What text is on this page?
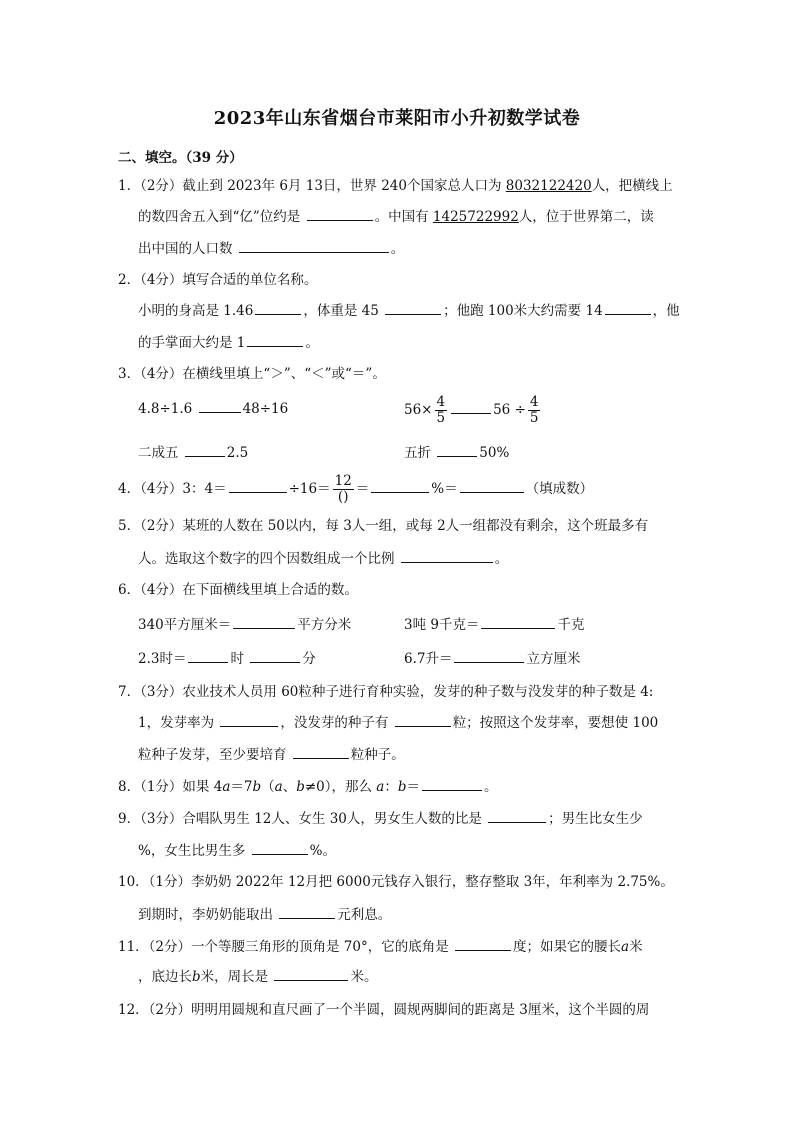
2023年山东省烟台市莱阳市小升初数学试卷
二、填空。（39 分）
1．（2分）截止到 2023年 6月 13日，世界 240个国家总人口为 8032122420人，把横线上
的数四舍五入到“亿”位约是	。中国有 1425722992人，位于世界第二，读
出中国的人口数	。
2．（4分）填写合适的单位名称。
小明的身高是 1.46	，体重是 45	；他跑 100米大约需要 14	，他
的手掌面大约是 1	。
3．（4分）在横线里填上“＞”、“＜”或“＝”。
4.8÷1.6	48÷16	$56\times \frac{4}{5}$	$56 \div \frac{4}{5}$
二成五	2.5	五折	50%
4．（4分）3：4＝	$\div 16= \frac{12}{()}$ ＝	%＝	（填成数）
5．（2分）某班的人数在 50以内，每 3人一组，或每 2人一组都没有剩余，这个班最多有
人。选取这个数字的四个因数组成一个比例	。
6．（4分）在下面横线里填上合适的数。
340平方厘米＝	平方分米	3吨 9千克＝	千克
2.3时＝	时	分	6.7升＝	立方厘米
7．（3分）农业技术人员用 60粒种子进行育种实验，发芽的种子数与没发芽的种子数是 4:
1，发芽率为	，没发芽的种子有	粒；按照这个发芽率，要想使 100
粒种子发芽，至少要培育	粒种子。
8．（1分）如果 4a＝7b（a、b≠0），那么 a：b＝	。
9．（3分）合唱队男生 12人、女生 30人，男女生人数的比是	；男生比女生少
%，女生比男生多	%。
10．（1分）李奶奶 2022年 12月把 6000元钱存入银行，整存整取 3年，年利率为 2.75%。
到期时，李奶奶能取出	元利息。
11．（2分）一个等腰三角形的顶角是 70°，它的底角是	度；如果它的腰长a米
，底边长b米，周长是	米。
12．（2分）明明用圆规和直尺画了一个半圆，圆规两脚间的距离是 3厘米，这个半圆的周
